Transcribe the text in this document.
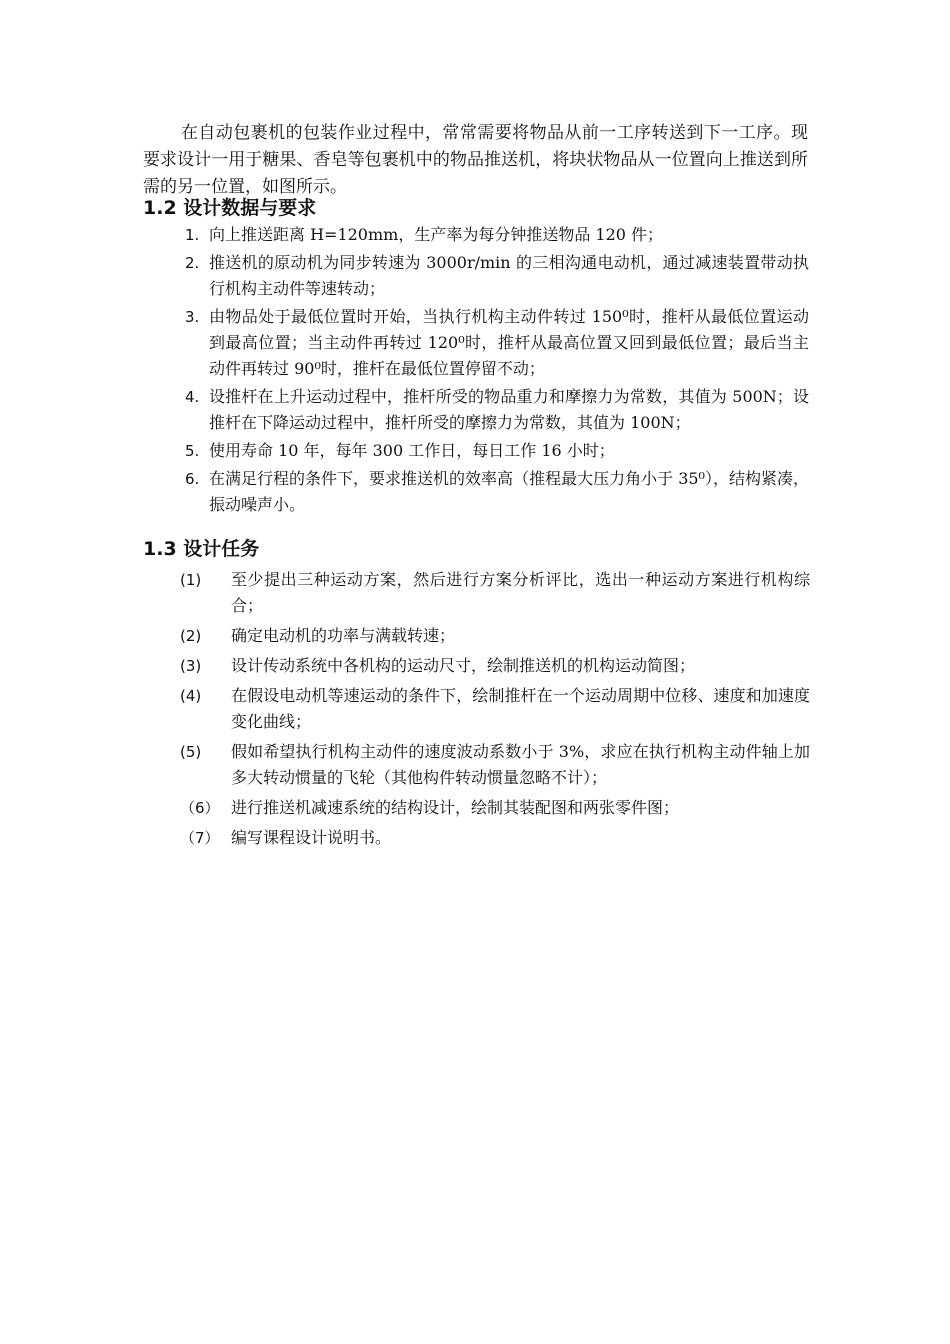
在自动包裹机的包装作业过程中，常常需要将物品从前一工序转送到下一工序。现要求设计一用于糖果、香皂等包裹机中的物品推送机，将块状物品从一位置向上推送到所需的另一位置，如图所示。

1.2 设计数据与要求
1. 向上推送距离 H=120mm，生产率为每分钟推送物品 120 件；
2. 推送机的原动机为同步转速为 3000r/min 的三相沟通电动机，通过减速装置带动执行机构主动件等速转动；
3. 由物品处于最低位置时开始，当执行机构主动件转过 150⁰时，推杆从最低位置运动到最高位置；当主动件再转过 120⁰时，推杆从最高位置又回到最低位置；最后当主动件再转过 90⁰时，推杆在最低位置停留不动；
4. 设推杆在上升运动过程中，推杆所受的物品重力和摩擦力为常数，其值为 500N；设推杆在下降运动过程中，推杆所受的摩擦力为常数，其值为 100N；
5. 使用寿命 10 年，每年 300 工作日，每日工作 16 小时；
6. 在满足行程的条件下，要求推送机的效率高（推程最大压力角小于 35⁰），结构紧凑，振动噪声小。
1.3 设计任务
(1)	至少提出三种运动方案，然后进行方案分析评比，选出一种运动方案进行机构综合；
(2)	确定电动机的功率与满载转速；
(3)	设计传动系统中各机构的运动尺寸，绘制推送机的机构运动简图；
(4)	在假设电动机等速运动的条件下，绘制推杆在一个运动周期中位移、速度和加速度变化曲线；
(5)	假如希望执行机构主动件的速度波动系数小于 3%，求应在执行机构主动件轴上加多大转动惯量的飞轮（其他构件转动惯量忽略不计）；
（6） 进行推送机减速系统的结构设计，绘制其装配图和两张零件图；
（7） 编写课程设计说明书。
